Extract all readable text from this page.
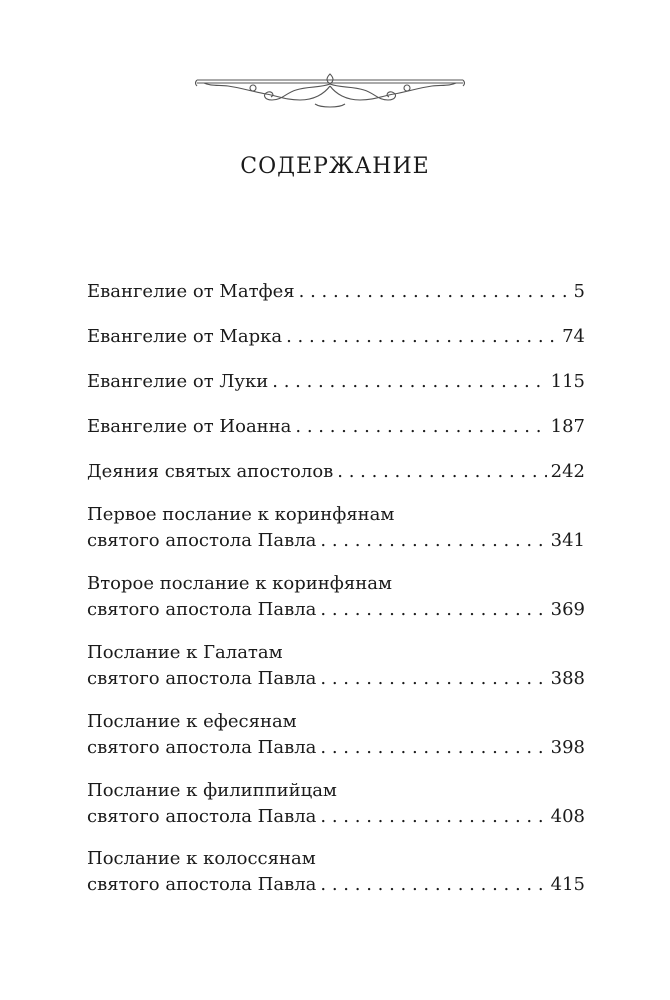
СОДЕРЖАНИЕ
Евангелие от Матфея . . .	5
Евангелие от Марка . . .	74
Евангелие от Луки . . .	115
Евангелие от Иоанна . . .	187
Деяния святых апостолов . . .	242
Первое послание к коринфянам
святого апостола Павла . . .	341
Второе послание к коринфянам
святого апостола Павла . . .	369
Послание к Галатам
святого апостола Павла . . .	388
Послание к ефесянам
святого апостола Павла . . .	398
Послание к филиппийцам
святого апостола Павла . . .	408
Послание к колоссянам
святого апостола Павла . . .	415
